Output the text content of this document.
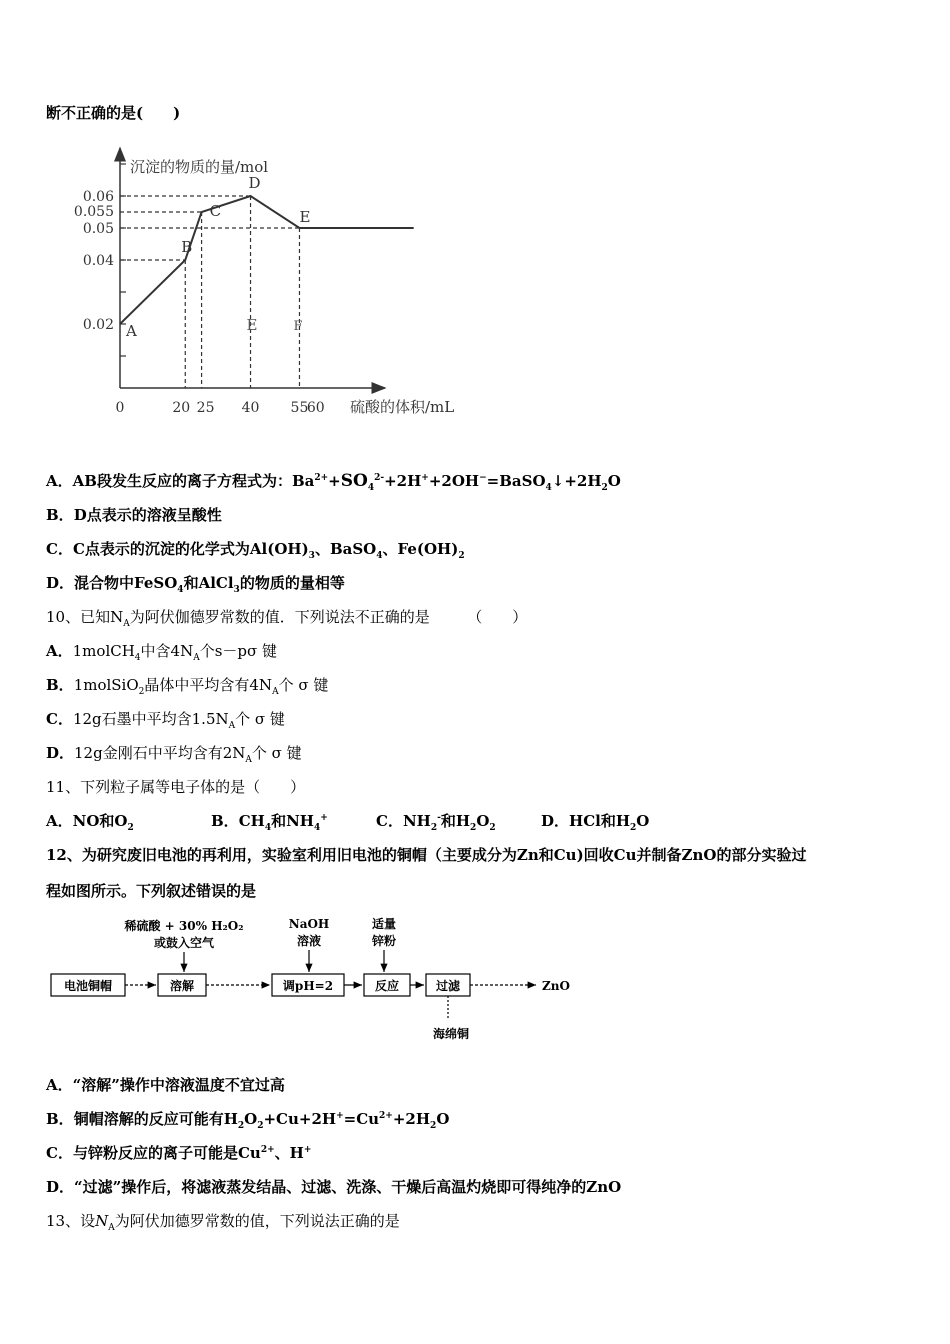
断不正确的是(　　)
沉淀的物质的量/mol
硫酸的体积/mL
0.02
0.04
0.05
0.055
0.06
0	20 25 40 55
60
A
B
C
D
E
E	F
A．AB段发生反应的离子方程式为：$Ba^{2+}+SO_4^{2-}+2H^++2OH^-=BaSO_4↓+2H_2O$
B．D点表示的溶液呈酸性
C．C点表示的沉淀的化学式为$Al(OH)_3$、BaSO$_4$、$Fe(OH)_2$
D．混合物中FeSO$_4$和AlCl$_3$的物质的量相等
10、已知$N_A$为阿伏伽德罗常数的值．下列说法不正确的是　　　（　　）
A．1molCH$_4$中含$4N_A$个s－pσ 键
B．1molSiO$_2$晶体中平均含有$4N_A$个 σ 键
C．12g石墨中平均含$1.5N_A$个 σ 键
D．12g金刚石中平均含有$2N_A$个 σ 键
11、下列粒子属等电子体的是（　　）
A．NO和$O_2$	B．$CH_4$和$NH_4^+$	C．$NH_2^-$和$H_2O_2$	D．HCl和$H_2O$
12、为研究废旧电池的再利用，实验室利用旧电池的铜帽（主要成分为Zn和Cu)回收Cu并制备ZnO的部分实验过
程如图所示。下列叙述错误的是
稀硫酸 + 30% H₂O₂
或鼓入空气
NaOH
溶液
适量
锌粉
电池铜帽	溶解	调pH=2	反应	过滤	ZnO
海绵铜
A．“溶解”操作中溶液温度不宜过高
B．铜帽溶解的反应可能有$H_2O_2+Cu+2H^+=Cu^{2+}+2H_2O$
C．与锌粉反应的离子可能是$Cu^{2+}$、H+
D．“过滤”操作后，将滤液蒸发结晶、过滤、洗涤、干燥后高温灼烧即可得纯净的ZnO
13、设$N_A$为阿伏加德罗常数的值，下列说法正确的是
